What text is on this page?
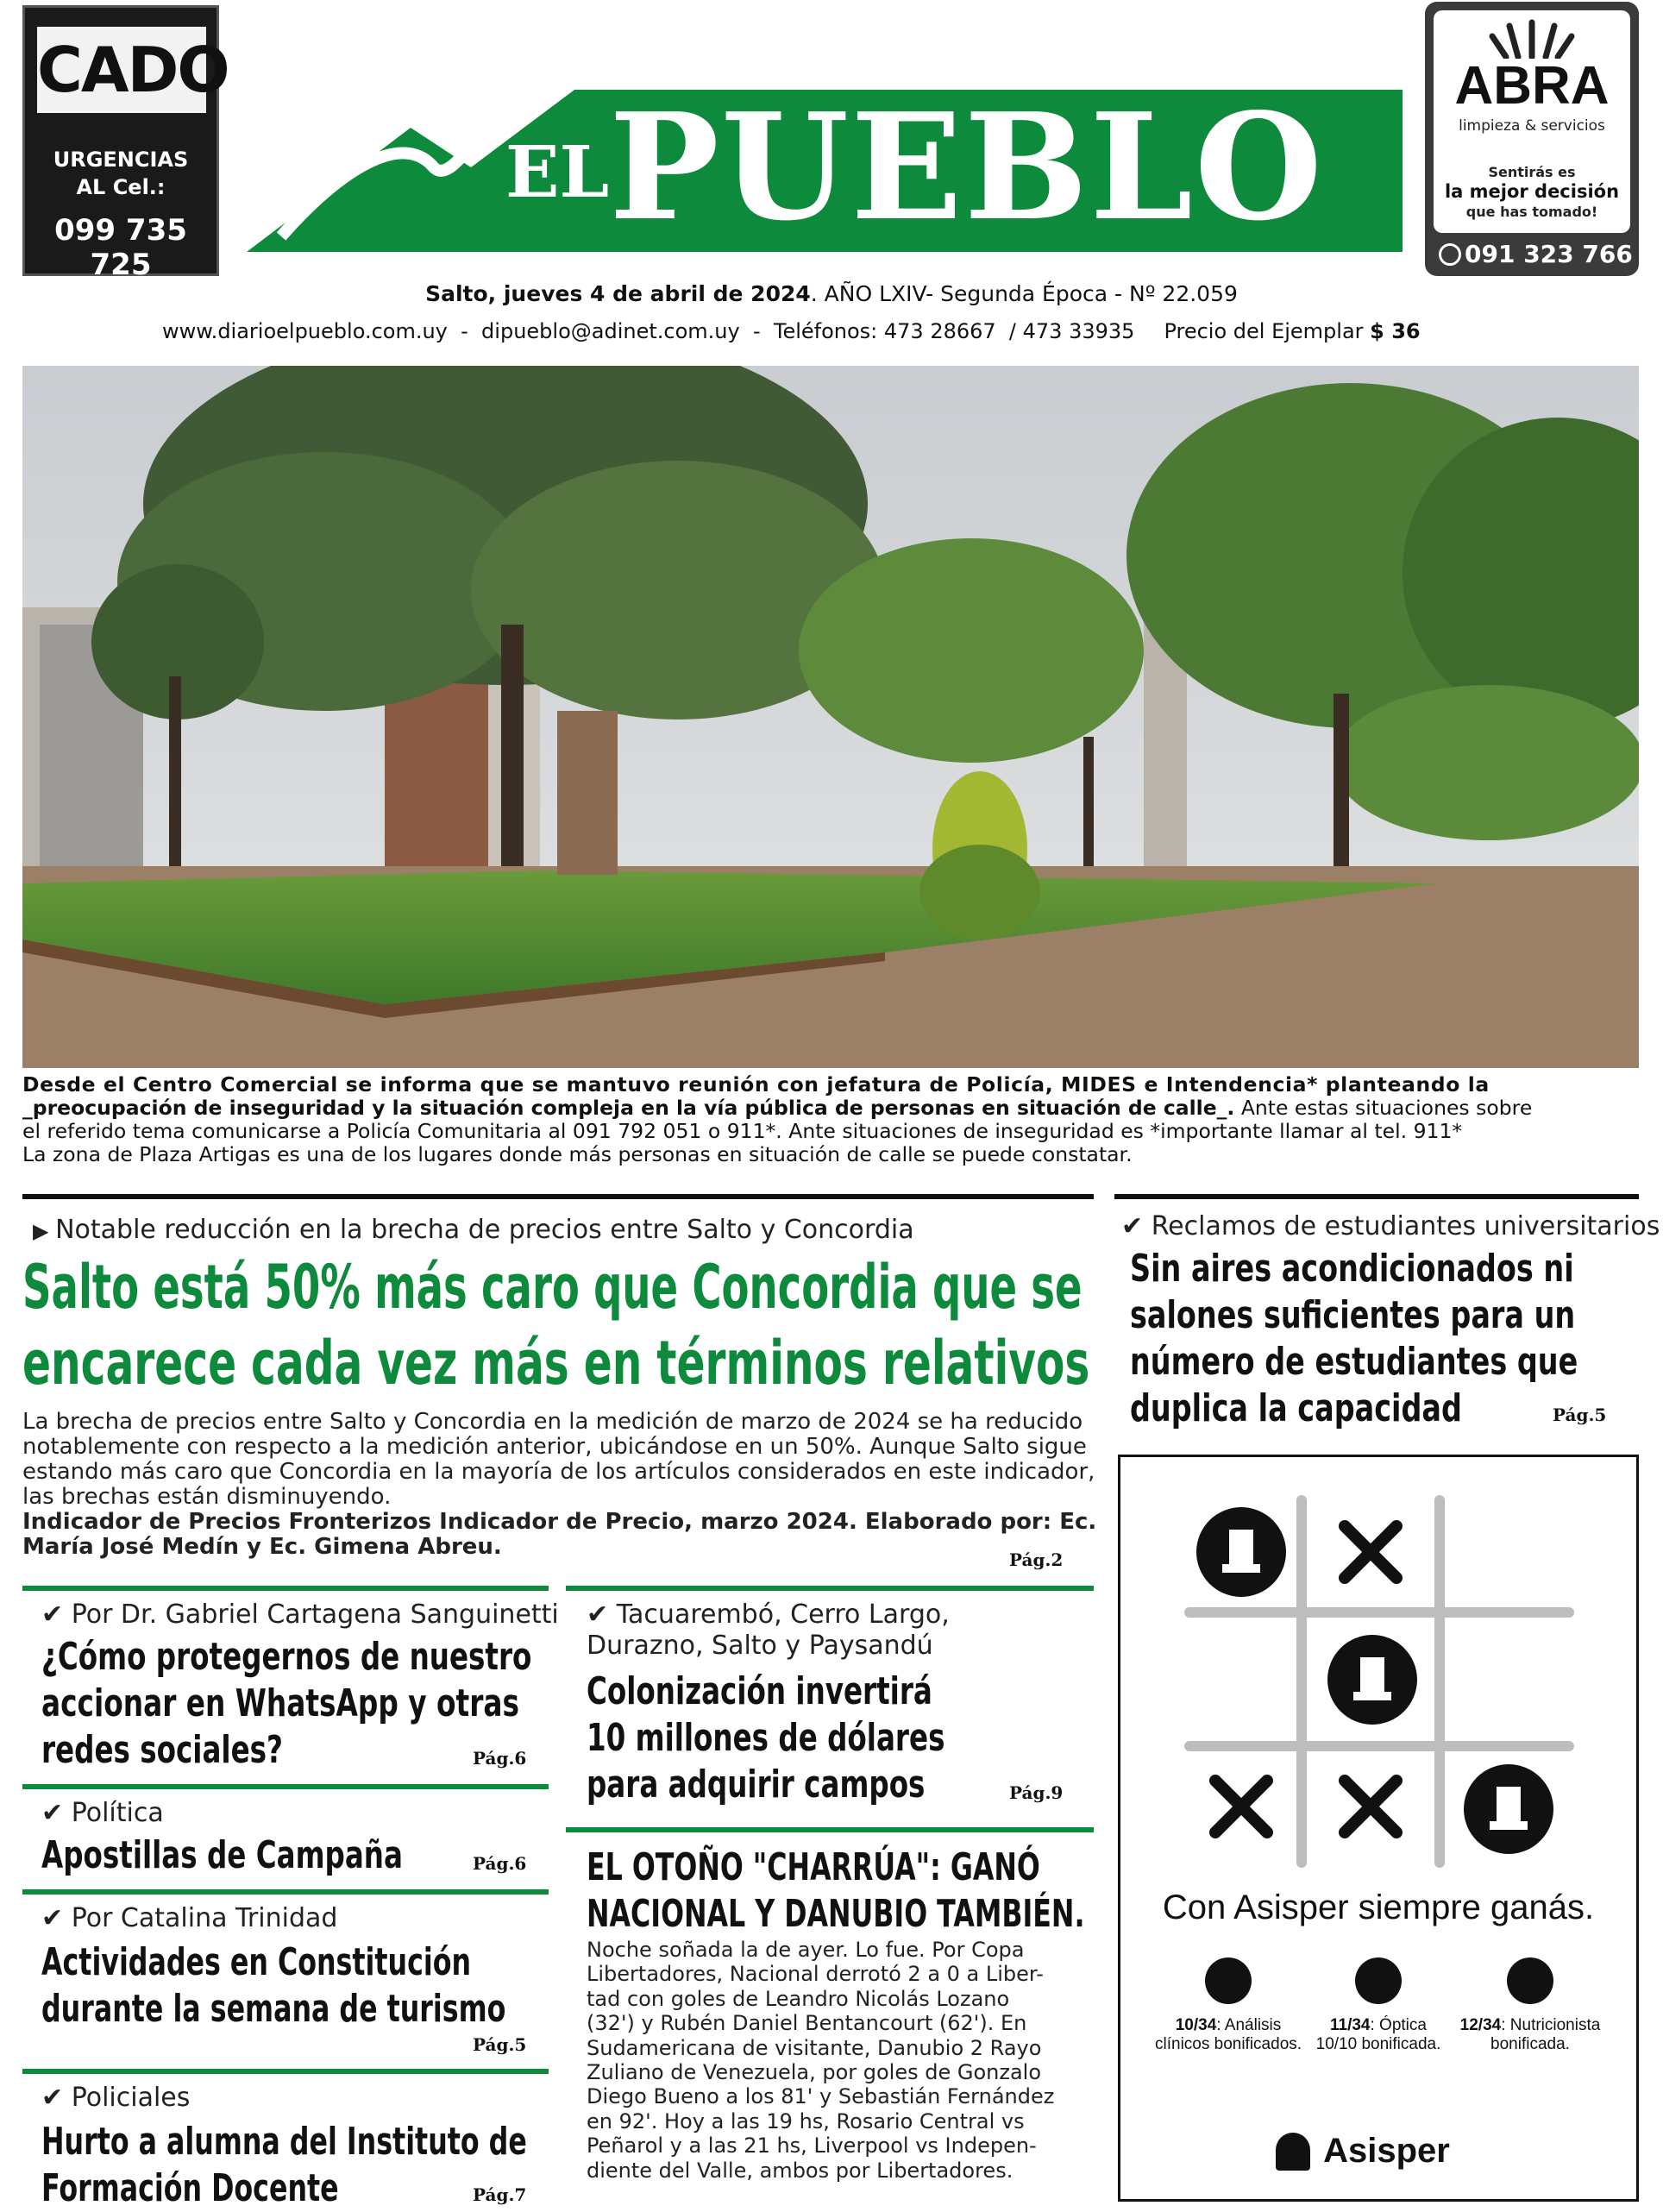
CADO
URGENCIAS
AL Cel.:
099 735 725
EL PUEBLO	ABRA
limpieza & servicios
Sentirás es
la mejor decisión
que has tomado!
091 323 766
Salto, jueves 4 de abril de 2024. AÑO LXIV- Segunda Época - Nº 22.059
www.diarioelpueblo.com.uy  -  dipueblo@adinet.com.uy  -  Teléfonos: 473 28667  / 473 33935 Precio del Ejemplar $ 36
Desde el Centro Comercial se informa que se mantuvo reunión con jefatura de Policía, MIDES e Intendencia* planteando la
_preocupación de inseguridad y la situación compleja en la vía pública de personas en situación de calle_. Ante estas situaciones sobre
el referido tema comunicarse a Policía Comunitaria al 091 792 051 o 911*. Ante situaciones de inseguridad es *importante llamar al tel. 911*
La zona de Plaza Artigas es una de los lugares donde más personas en situación de calle se puede constatar.
▶ Notable reducción en la brecha de precios entre Salto y Concordia
Salto está 50% más caro que Concordia que se
encarece cada vez más en términos relativos
La brecha de precios entre Salto y Concordia en la medición de marzo de 2024 se ha reducido
notablemente con respecto a la medición anterior, ubicándose en un 50%. Aunque Salto sigue
estando más caro que Concordia en la mayoría de los artículos considerados en este indicador,
las brechas están disminuyendo.
Indicador de Precios Fronterizos Indicador de Precio, marzo 2024. Elaborado por: Ec.
María José Medín y Ec. Gimena Abreu.	Pág.2
✔ Reclamos de estudiantes universitarios
Sin aires acondicionados ni
salones suficientes para un
número de estudiantes que
duplica la capacidad	Pág.5
✔ Por Dr. Gabriel Cartagena Sanguinetti
¿Cómo protegernos de nuestro
accionar en WhatsApp y otras
redes sociales?	Pág.6
✔ Política
Apostillas de Campaña	Pág.6
✔ Por Catalina Trinidad
Actividades en Constitución
durante la semana de turismo
Pág.5
✔ Policiales
Hurto a alumna del Instituto de
Formación Docente	Pág.7
✔ Tacuarembó, Cerro Largo,
Durazno, Salto y Paysandú
Colonización invertirá
10 millones de dólares
para adquirir campos	Pág.9
EL OTOÑO "CHARRÚA": GANÓ
NACIONAL Y DANUBIO TAMBIÉN.
Noche soñada la de ayer. Lo fue. Por Copa
Libertadores, Nacional derrotó 2 a 0 a Liber-
tad con goles de Leandro Nicolás Lozano
(32') y Rubén Daniel Bentancourt (62'). En
Sudamericana de visitante, Danubio 2 Rayo
Zuliano de Venezuela, por goles de Gonzalo
Diego Bueno a los 81' y Sebastián Fernández
en 92'. Hoy a las 19 hs, Rosario Central vs
Peñarol y a las 21 hs, Liverpool vs Indepen-
diente del Valle, ambos por Libertadores.
Con Asisper siempre ganás.
10/34: Análisis
clínicos bonificados.
11/34: Óptica
10/10 bonificada.
12/34: Nutricionista
bonificada.
Asisper
